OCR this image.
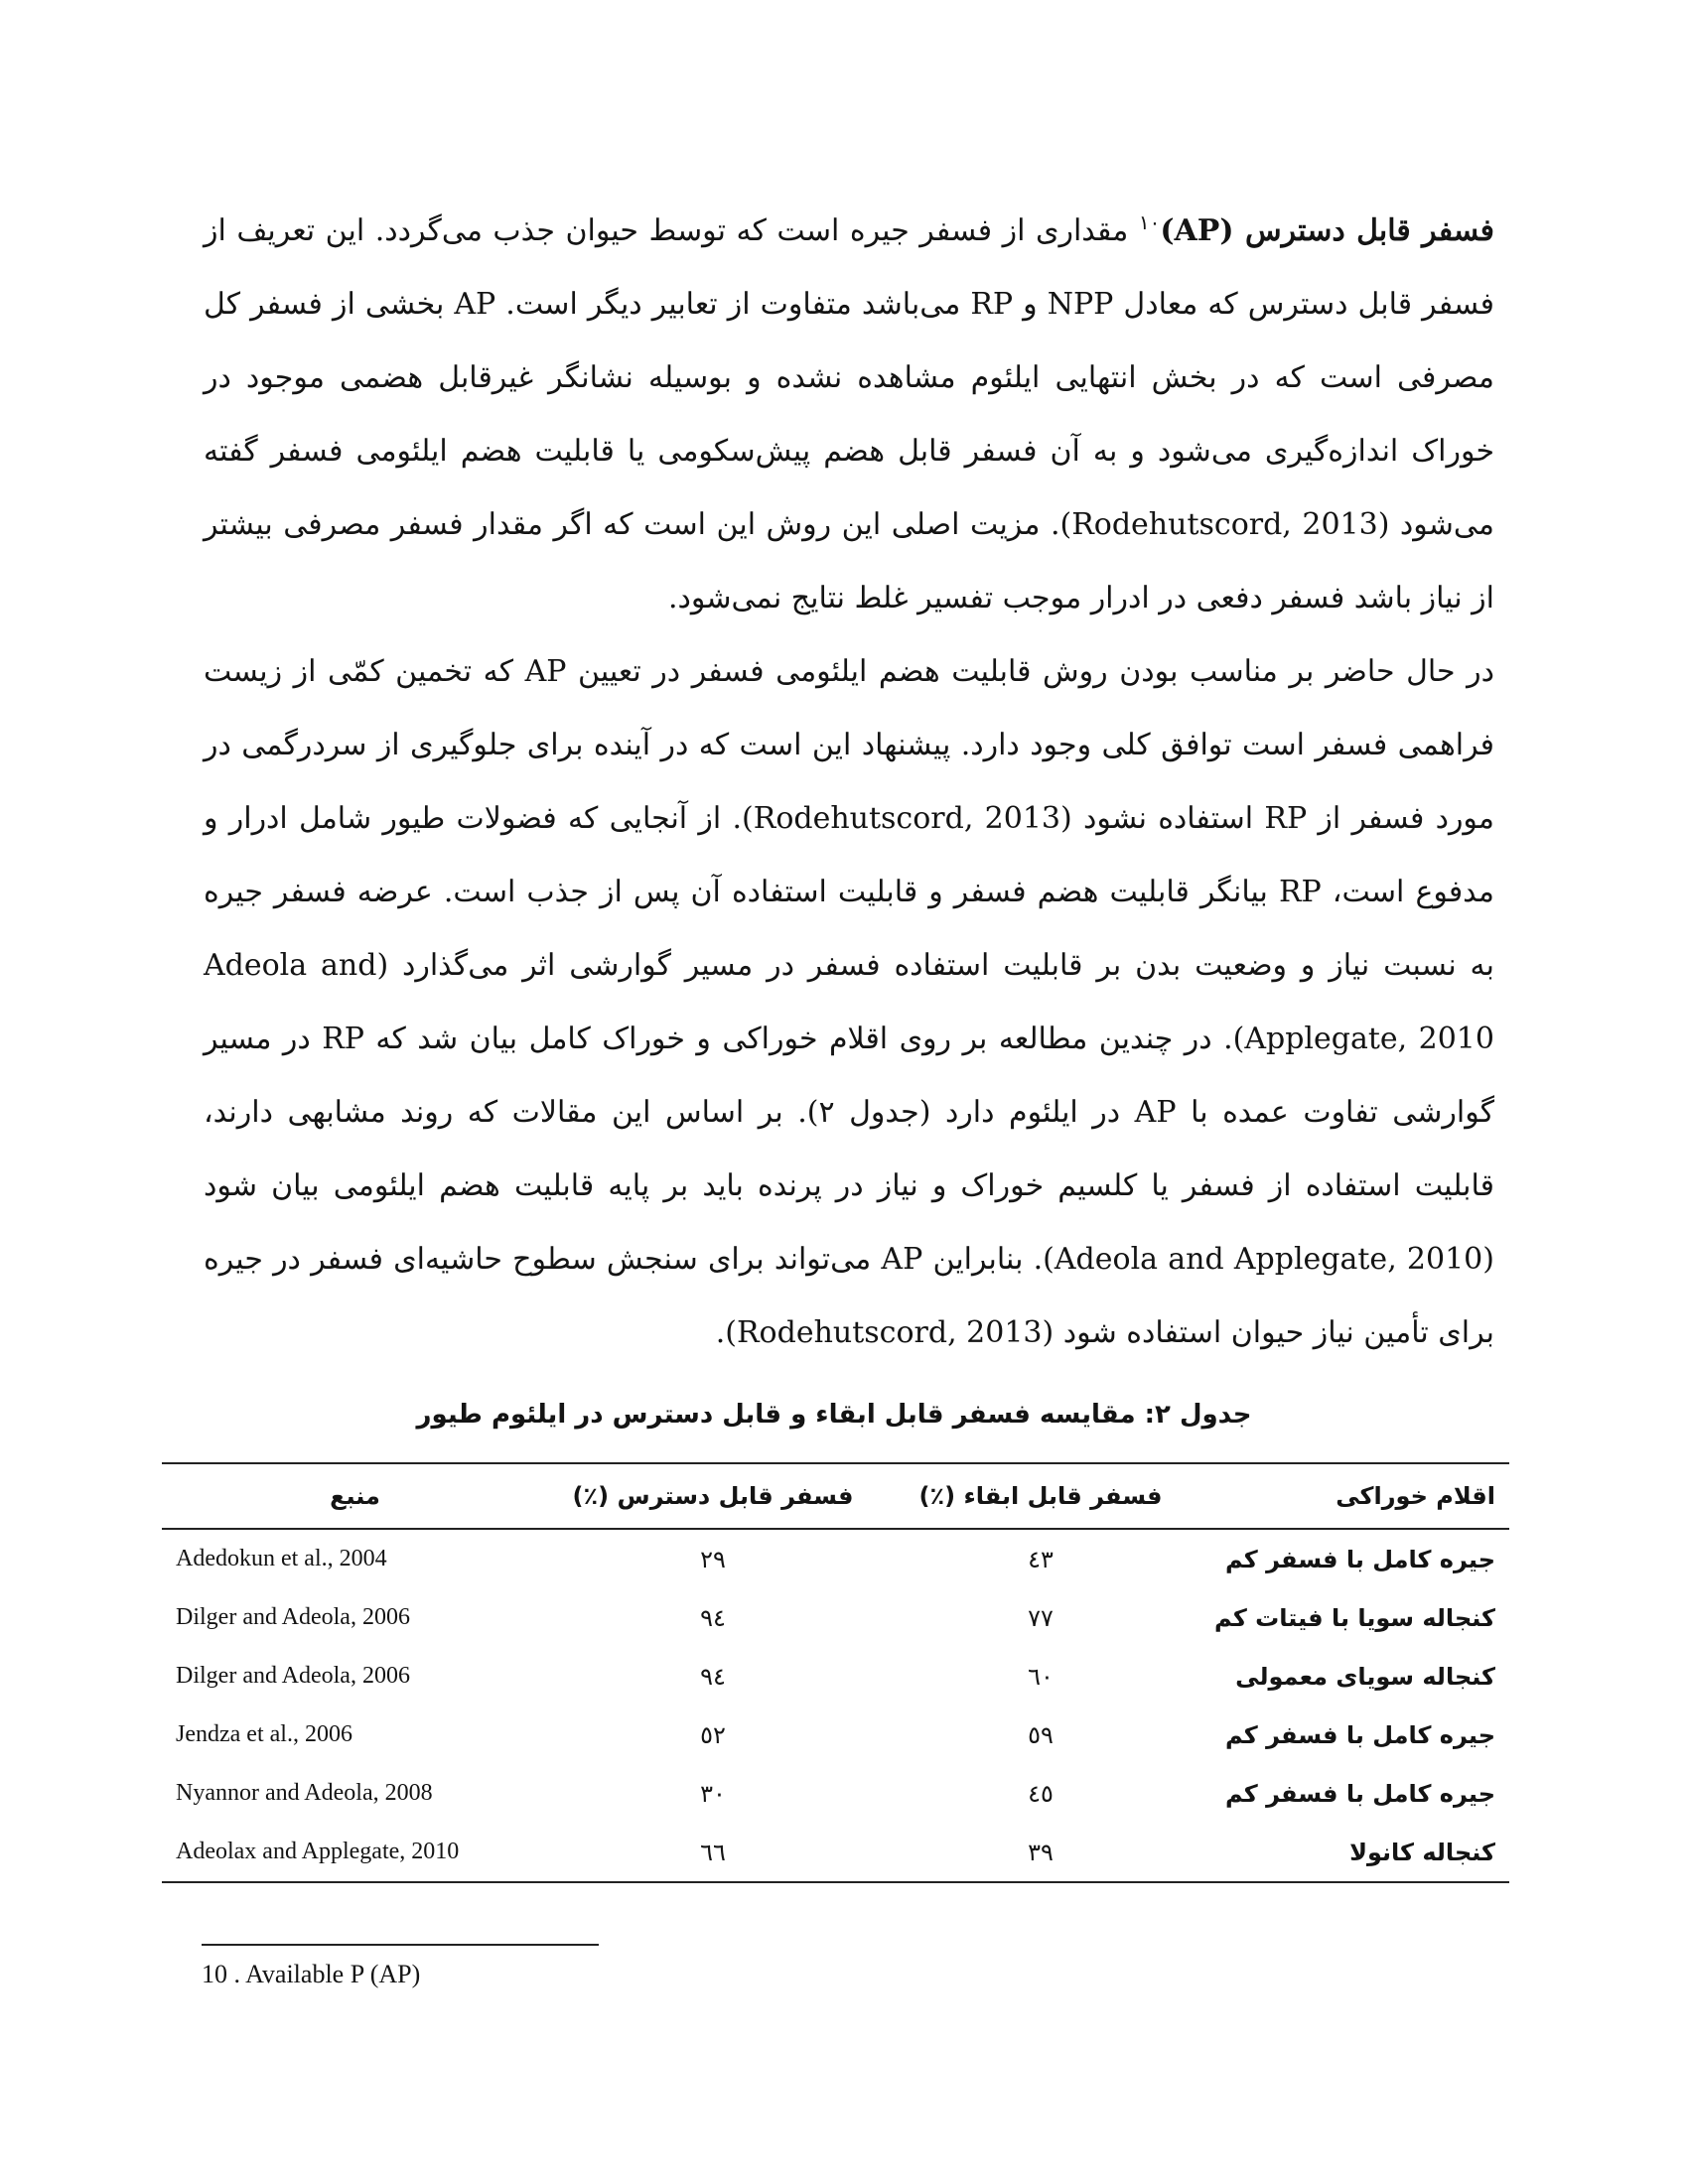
فسفر قابل دسترس (AP)$^{۱۰}$ مقداری از فسفر جیره است که توسط حیوان جذب می‌گردد. این تعریف از فسفر قابل دسترس که معادل NPP و RP می‌باشد متفاوت از تعابیر دیگر است. AP بخشی از فسفر کل مصرفی است که در بخش انتهایی ایلئوم مشاهده نشده و بوسیله نشانگر غیرقابل هضمی موجود در خوراک اندازه‌گیری می‌شود و به آن فسفر قابل هضم پیش‌سکومی یا قابلیت هضم ایلئومی فسفر گفته می‌شود (Rodehutscord, 2013). مزیت اصلی این روش این است که اگر مقدار فسفر مصرفی بیشتر از نیاز باشد فسفر دفعی در ادرار موجب تفسیر غلط نتایج نمی‌شود.

در حال حاضر بر مناسب بودن روش قابلیت هضم ایلئومی فسفر در تعیین AP که تخمین کمّی از زیست فراهمی فسفر است توافق کلی وجود دارد. پیشنهاد این است که در آینده برای جلوگیری از سردرگمی در مورد فسفر از RP استفاده نشود (Rodehutscord, 2013). از آنجایی که فضولات طیور شامل ادرار و مدفوع است، RP بیانگر قابلیت هضم فسفر و قابلیت استفاده آن پس از جذب است. عرضه فسفر جیره به نسبت نیاز و وضعیت بدن بر قابلیت استفاده فسفر در مسیر گوارشی اثر می‌گذارد (Adeola and Applegate, 2010). در چندین مطالعه بر روی اقلام خوراکی و خوراک کامل بیان شد که RP در مسیر گوارشی تفاوت عمده با AP در ایلئوم دارد (جدول ۲). بر اساس این مقالات که روند مشابهی دارند، قابلیت استفاده از فسفر یا کلسیم خوراک و نیاز در پرنده باید بر پایه قابلیت هضم ایلئومی بیان شود (Adeola and Applegate, 2010). بنابراین AP می‌تواند برای سنجش سطوح حاشیه‌ای فسفر در جیره برای تأمین نیاز حیوان استفاده شود (Rodehutscord, 2013).

جدول ۲: مقایسه فسفر قابل ابقاء و قابل دسترس در ایلئوم طیور
منبع	فسفر قابل دسترس (٪)	فسفر قابل ابقاء (٪)	اقلام خوراکی
Adedokun et al., 2004	۲۹	٤٣	جیره کامل با فسفر کم
Dilger and Adeola, 2006	۹٤	۷۷	کنجاله سویا با فیتات کم
Dilger and Adeola, 2006	۹٤	٦۰	کنجاله سویای معمولی
Jendza et al., 2006	٥۲	٥۹	جیره کامل با فسفر کم
Nyannor and Adeola, 2008	۳۰	٤٥	جیره کامل با فسفر کم
Adeolax and Applegate, 2010	٦٦	۳۹	کنجاله کانولا
10 . Available P (AP)
